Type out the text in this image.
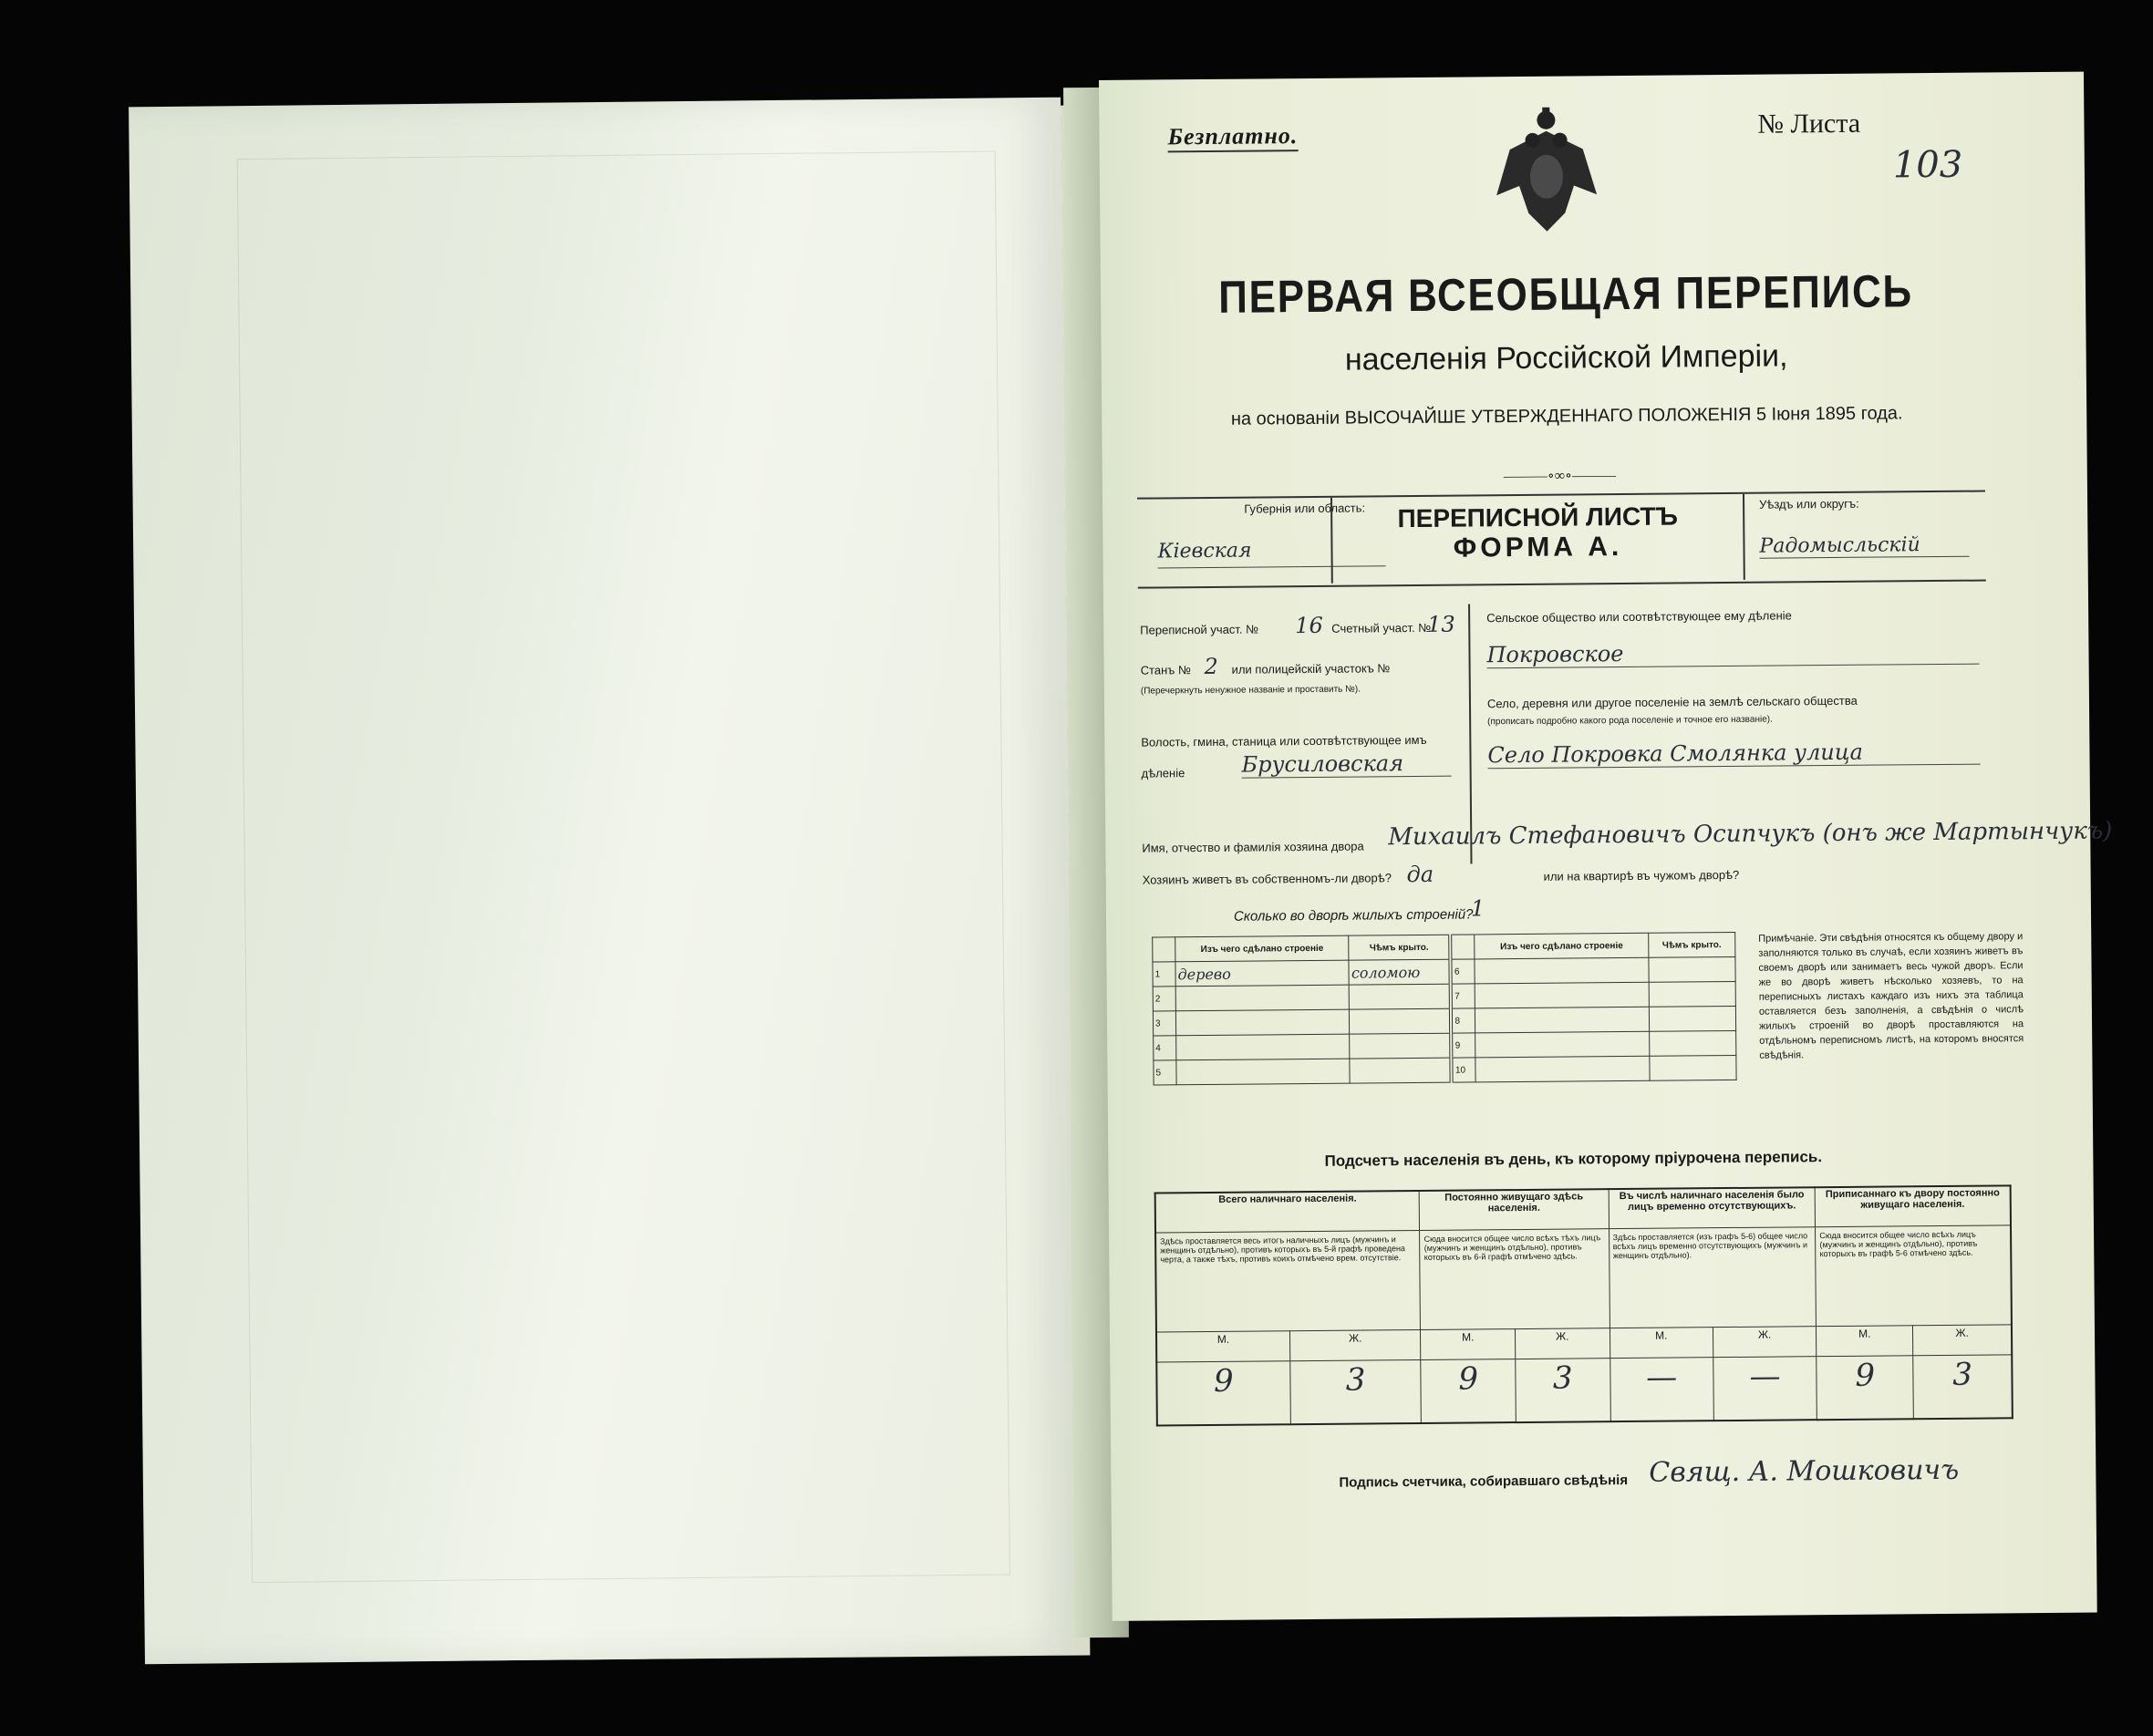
Безплатно.	№ Листа
103
ПЕРВАЯ ВСЕОБЩАЯ ПЕРЕПИСЬ
населенія Россійской Имперіи,
на основаніи ВЫСОЧАЙШЕ УТВЕРЖДЕННАГО ПОЛОЖЕНІЯ 5 Іюня 1895 года.
———∘∞∘———
Губернія или область:
Кіевская
ПЕРЕПИСНОЙ ЛИСТЪ
ФОРМА А.
Уѣздъ или округъ:
Радомысльскій
Переписной участ. № 16 Счетный участ. №
13
Станъ № 2 или полицейскій участокъ №
(Перечеркнуть ненужное названіе и проставить №).
Волость, гмина, станица или соотвѣтствующее имъ дѣленіе	Брусиловская
Сельское общество или соотвѣтствующее ему дѣленіе
Покровское
Село, деревня или другое поселеніе на землѣ сельскаго общества
(прописать подробно какого рода поселеніе и точное его названіе).
Село Покровка Смолянка улица
Имя, отчество и фамилія хозяина двора Михаилъ Стефановичъ Осипчукъ (онъ же Мартынчукъ)
Хозяинъ живетъ въ собственномъ-ли дворѣ? да	или на квартирѣ въ чужомъ дворѣ?
Сколько во дворѣ жилыхъ строеній?
1
	Изъ чего сдѣлано строеніе	Чѣмъ крыто.		Изъ чего сдѣлано строеніе	Чѣмъ крыто.
1	дерево	соломою	6		
2			7		
3			8		
4			9		
5			10		
Примѣчаніе. Эти свѣдѣнія относятся къ общему двору и заполняются только въ случаѣ, если хозяинъ живетъ въ своемъ дворѣ или занимаетъ весь чужой дворъ. Если же во дворѣ живетъ нѣсколько хозяевъ, то на переписныхъ листахъ каждаго изъ нихъ эта таблица оставляется безъ заполненія, а свѣдѣнія о числѣ жилыхъ строеній во дворѣ проставляются на отдѣльномъ переписномъ листѣ, на которомъ вносятся свѣдѣнія.
Подсчетъ населенія въ день, къ которому пріурочена перепись.
Всего наличнаго населенія.		Постоянно живущаго здѣсь населенія.		Въ числѣ наличнаго населенія было лицъ временно отсутствующихъ.		Приписаннаго къ двору постоянно живущаго населенія.	
Здѣсь проставляется весь итогъ наличныхъ лицъ (мужчинъ и женщинъ отдѣльно), противъ которыхъ въ 5-й графѣ проведена черта, а также тѣхъ, противъ коихъ отмѣчено врем. отсутствіе.		Сюда вносится общее число всѣхъ тѣхъ лицъ (мужчинъ и женщинъ отдѣльно), противъ которыхъ въ 6-й графѣ отмѣчено здѣсь.		Здѣсь проставляется (изъ графъ 5-6) общее число всѣхъ лицъ временно отсутствующихъ (мужчинъ и женщинъ отдѣльно).		Сюда вносится общее число всѣхъ лицъ (мужчинъ и женщинъ отдѣльно), противъ которыхъ въ графѣ 5-6 отмѣчено здѣсь.	
М.	Ж.	М.	Ж.	М.	Ж.	М.	Ж.
9	3	9	3	—	—	9	3
Подпись счетчика, собиравшаго свѣдѣнія Свящ. А. Мошковичъ
